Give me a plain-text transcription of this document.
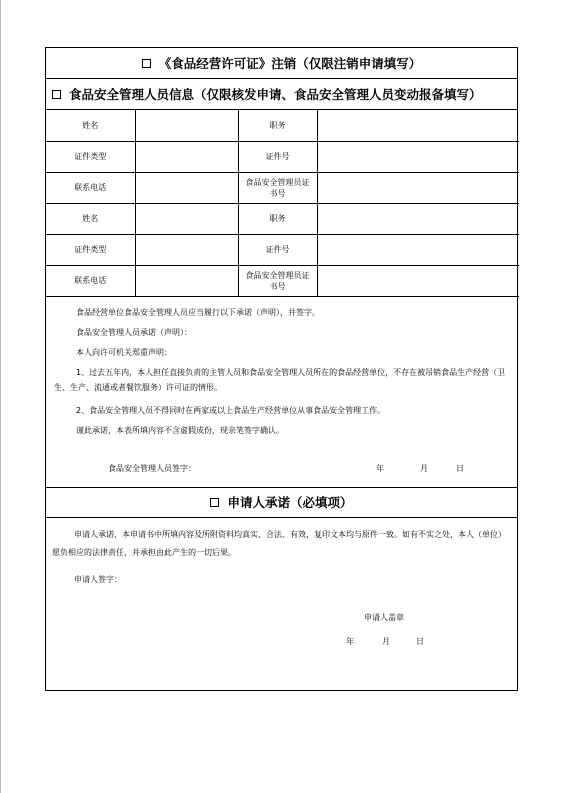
《食品经营许可证》注销（仅限注销申请填写）
食品安全管理人员信息（仅限核发申请、食品安全管理人员变动报备填写）
姓名		职务	
证件类型		证件号	
联系电话		食品安全管理员证书号	
姓名		职务	
证件类型		证件号	
联系电话		食品安全管理员证书号	

食品经营单位食品安全管理人员应当履行以下承诺（声明），并签字。

食品安全管理人员承诺（声明）：

本人向许可机关郑重声明：

1、过去五年内，本人担任直接负责的主管人员和食品安全管理人员所在的食品经营单位，不存在被吊销食品生产经营（卫生、生产、流通或者餐饮服务）许可证的情形。

2、食品安全管理人员不得同时在两家或以上食品生产经营单位从事食品安全管理工作。

谨此承诺，本表所填内容不含虚假成份，现亲笔签字确认。

食品安全管理人员签字：	年	月	日
申请人承诺（必填项）

申请人承诺，本申请书中所填内容及所附资料均真实、合法、有效，复印文本均与原件一致。如有不实之处，本人（单位）愿负相应的法律责任，并承担由此产生的一切后果。

申请人签字：
申请人盖章
年	月	日
